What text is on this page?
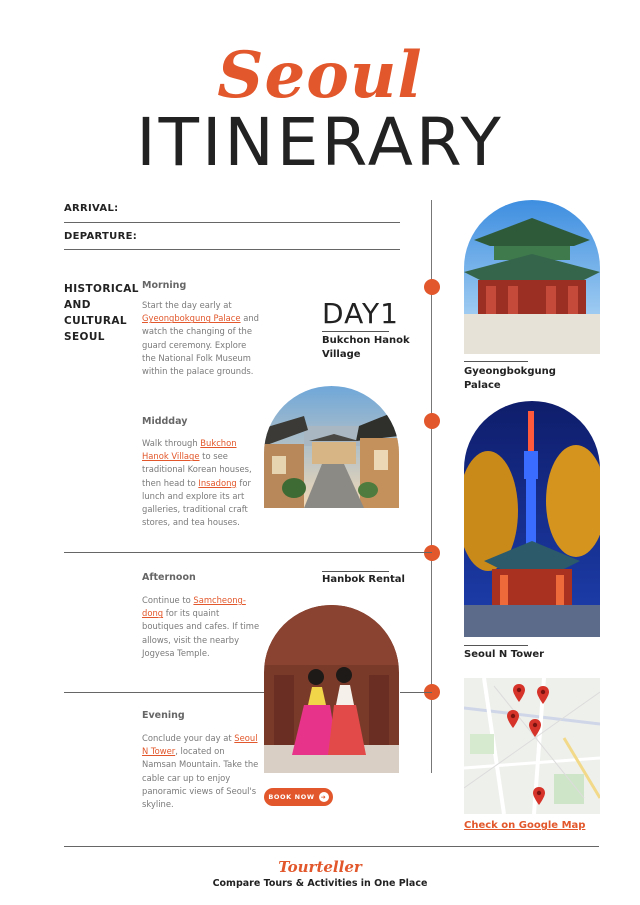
Seoul
ITINERARY
ARRIVAL:
DEPARTURE:
HISTORICAL
AND
CULTURAL
SEOUL
Morning
Start the day early at Gyeongbokgung Palace and watch the changing of the guard ceremony. Explore the National Folk Museum within the palace grounds.
DAY1
Bukchon Hanok
Village
Middday
Walk through Bukchon Hanok Village to see traditional Korean houses, then head to Insadong for lunch and explore its art galleries, traditional craft stores, and tea houses.
Hanbok Rental
Afternoon
Continue to Samcheong-dong for its quaint boutiques and cafes. If time allows, visit the nearby Jogyesa Temple.
Evening
Conclude your day at Seoul N Tower, located on Namsan Mountain. Take the cable car up to enjoy panoramic views of Seoul's skyline.
BOOK NOW	➜
Gyeongbokgung
Palace
Seoul N Tower
Check on Google Map
Tourteller
Compare Tours & Activities in One Place
